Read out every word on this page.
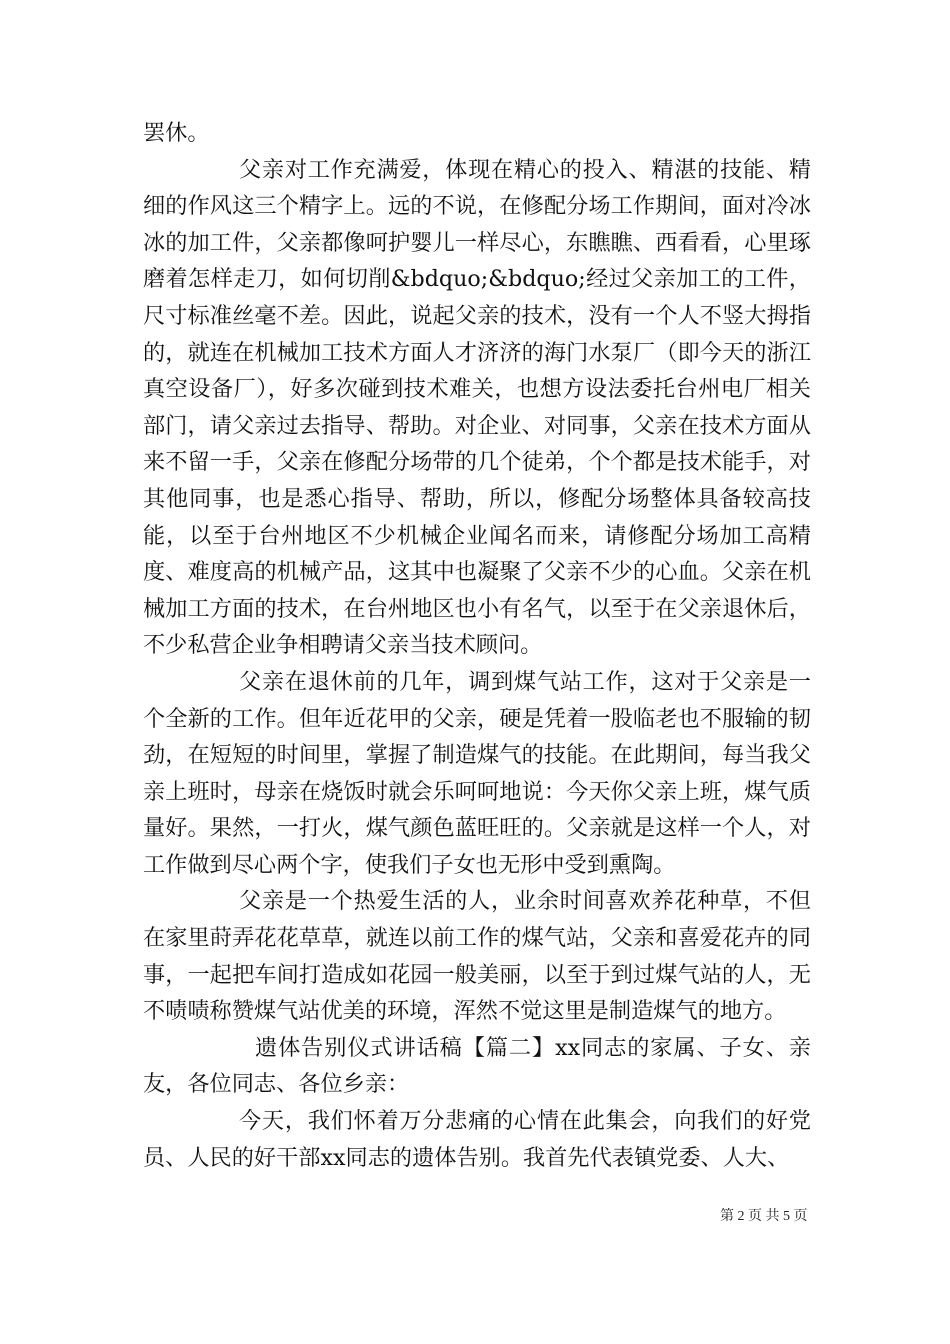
罢休。

父亲对工作充满爱，体现在精心的投入、精湛的技能、精细的作风这三个精字上。远的不说，在修配分场工作期间，面对冷冰冰的加工件，父亲都像呵护婴儿一样尽心，东瞧瞧、西看看，心里琢磨着怎样走刀，如何切削&bdquo;&bdquo;经过父亲加工的工件，尺寸标准丝毫不差。因此，说起父亲的技术，没有一个人不竖大拇指的，就连在机械加工技术方面人才济济的海门水泵厂（即今天的浙江真空设备厂），好多次碰到技术难关，也想方设法委托台州电厂相关部门，请父亲过去指导、帮助。对企业、对同事，父亲在技术方面从来不留一手，父亲在修配分场带的几个徒弟，个个都是技术能手，对其他同事，也是悉心指导、帮助，所以，修配分场整体具备较高技能，以至于台州地区不少机械企业闻名而来，请修配分场加工高精度、难度高的机械产品，这其中也凝聚了父亲不少的心血。父亲在机械加工方面的技术，在台州地区也小有名气，以至于在父亲退休后，不少私营企业争相聘请父亲当技术顾问。

父亲在退休前的几年，调到煤气站工作，这对于父亲是一个全新的工作。但年近花甲的父亲，硬是凭着一股临老也不服输的韧劲，在短短的时间里，掌握了制造煤气的技能。在此期间，每当我父亲上班时，母亲在烧饭时就会乐呵呵地说：今天你父亲上班，煤气质量好。果然，一打火，煤气颜色蓝旺旺的。父亲就是这样一个人，对工作做到尽心两个字，使我们子女也无形中受到熏陶。

父亲是一个热爱生活的人，业余时间喜欢养花种草，不但在家里莳弄花花草草，就连以前工作的煤气站，父亲和喜爱花卉的同事，一起把车间打造成如花园一般美丽，以至于到过煤气站的人，无不啧啧称赞煤气站优美的环境，浑然不觉这里是制造煤气的地方。

遗体告别仪式讲话稿【篇二】xx同志的家属、子女、亲友，各位同志、各位乡亲：

今天，我们怀着万分悲痛的心情在此集会，向我们的好党员、人民的好干部xx同志的遗体告别。我首先代表镇党委、人大、

第 2 页 共 5 页
